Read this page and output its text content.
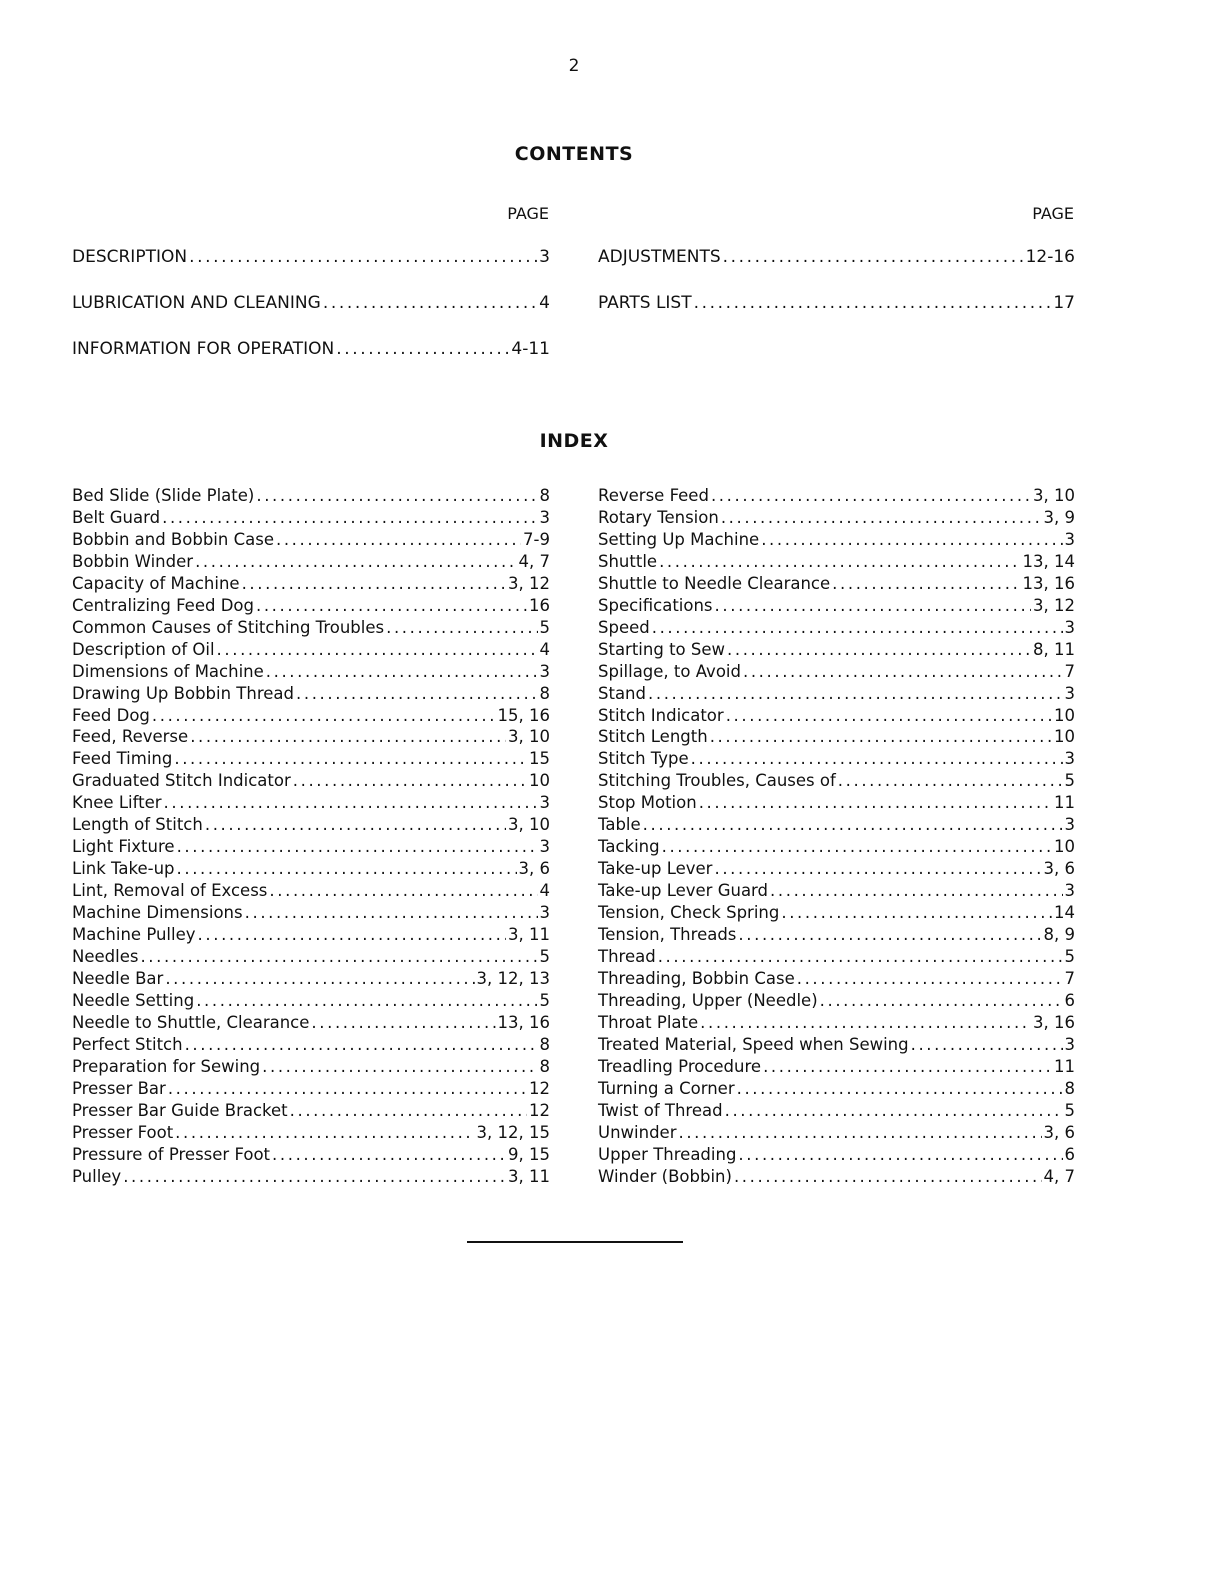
2
CONTENTS
PAGE	PAGE
DESCRIPTION .....	3
LUBRICATION AND CLEANING .....	4
INFORMATION FOR OPERATION .....	4-11
ADJUSTMENTS .....	12-16
PARTS LIST .....	17
INDEX
Bed Slide (Slide Plate) .....	8
Belt Guard .....	3
Bobbin and Bobbin Case .....	7-9
Bobbin Winder .....	4, 7
Capacity of Machine .....	3, 12
Centralizing Feed Dog .....	16
Common Causes of Stitching Troubles .....	5
Description of Oil .....	4
Dimensions of Machine .....	3
Drawing Up Bobbin Thread .....	8
Feed Dog .....	15, 16
Feed, Reverse .....	3, 10
Feed Timing .....	15
Graduated Stitch Indicator .....	10
Knee Lifter .....	3
Length of Stitch .....	3, 10
Light Fixture .....	3
Link Take-up .....	3, 6
Lint, Removal of Excess .....	4
Machine Dimensions .....	3
Machine Pulley .....	3, 11
Needles .....	5
Needle Bar .....	3, 12, 13
Needle Setting .....	5
Needle to Shuttle, Clearance .....	13, 16
Perfect Stitch .....	8
Preparation for Sewing .....	8
Presser Bar .....	12
Presser Bar Guide Bracket .....	12
Presser Foot .....	3, 12, 15
Pressure of Presser Foot .....	9, 15
Pulley .....	3, 11
Reverse Feed .....	3, 10
Rotary Tension .....	3, 9
Setting Up Machine .....	3
Shuttle .....	13, 14
Shuttle to Needle Clearance .....	13, 16
Specifications .....	3, 12
Speed .....	3
Starting to Sew .....	8, 11
Spillage, to Avoid .....	7
Stand .....	3
Stitch Indicator .....	10
Stitch Length .....	10
Stitch Type .....	3
Stitching Troubles, Causes of .....	5
Stop Motion .....	11
Table .....	3
Tacking .....	10
Take-up Lever .....	3, 6
Take-up Lever Guard .....	3
Tension, Check Spring .....	14
Tension, Threads .....	8, 9
Thread .....	5
Threading, Bobbin Case .....	7
Threading, Upper (Needle) .....	6
Throat Plate .....	3, 16
Treated Material, Speed when Sewing .....	3
Treadling Procedure .....	11
Turning a Corner .....	8
Twist of Thread .....	5
Unwinder .....	3, 6
Upper Threading .....	6
Winder (Bobbin) .....	4, 7
